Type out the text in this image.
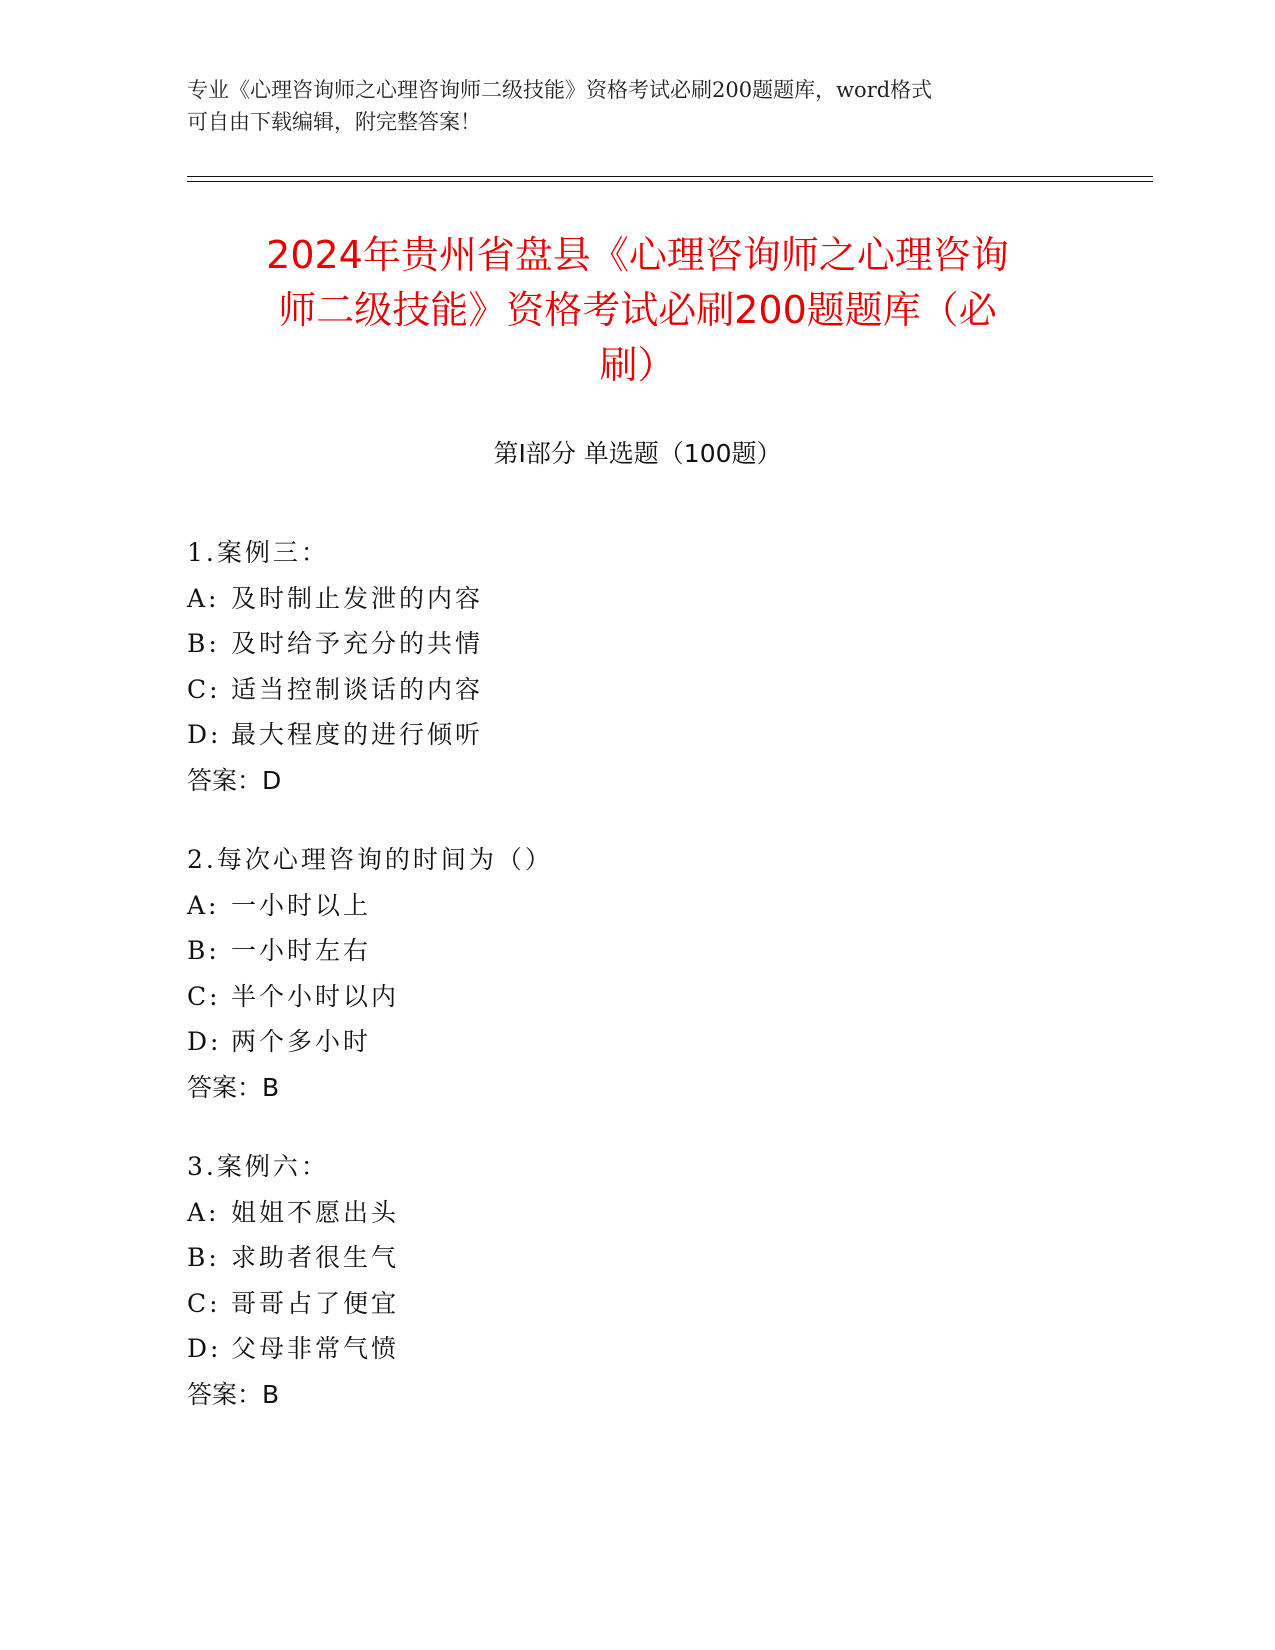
专业《心理咨询师之心理咨询师二级技能》资格考试必刷200题题库，word格式
可自由下载编辑，附完整答案！
2024年贵州省盘县《心理咨询师之心理咨询
师二级技能》资格考试必刷200题题库（必
刷）
第I部分 单选题（100题）
1.案例三：
A: 及时制止发泄的内容
B: 及时给予充分的共情
C: 适当控制谈话的内容
D: 最大程度的进行倾听
答案：D
2.每次心理咨询的时间为（）
A: 一小时以上
B: 一小时左右
C: 半个小时以内
D: 两个多小时
答案：B
3.案例六：
A: 姐姐不愿出头
B: 求助者很生气
C: 哥哥占了便宜
D: 父母非常气愤
答案：B
